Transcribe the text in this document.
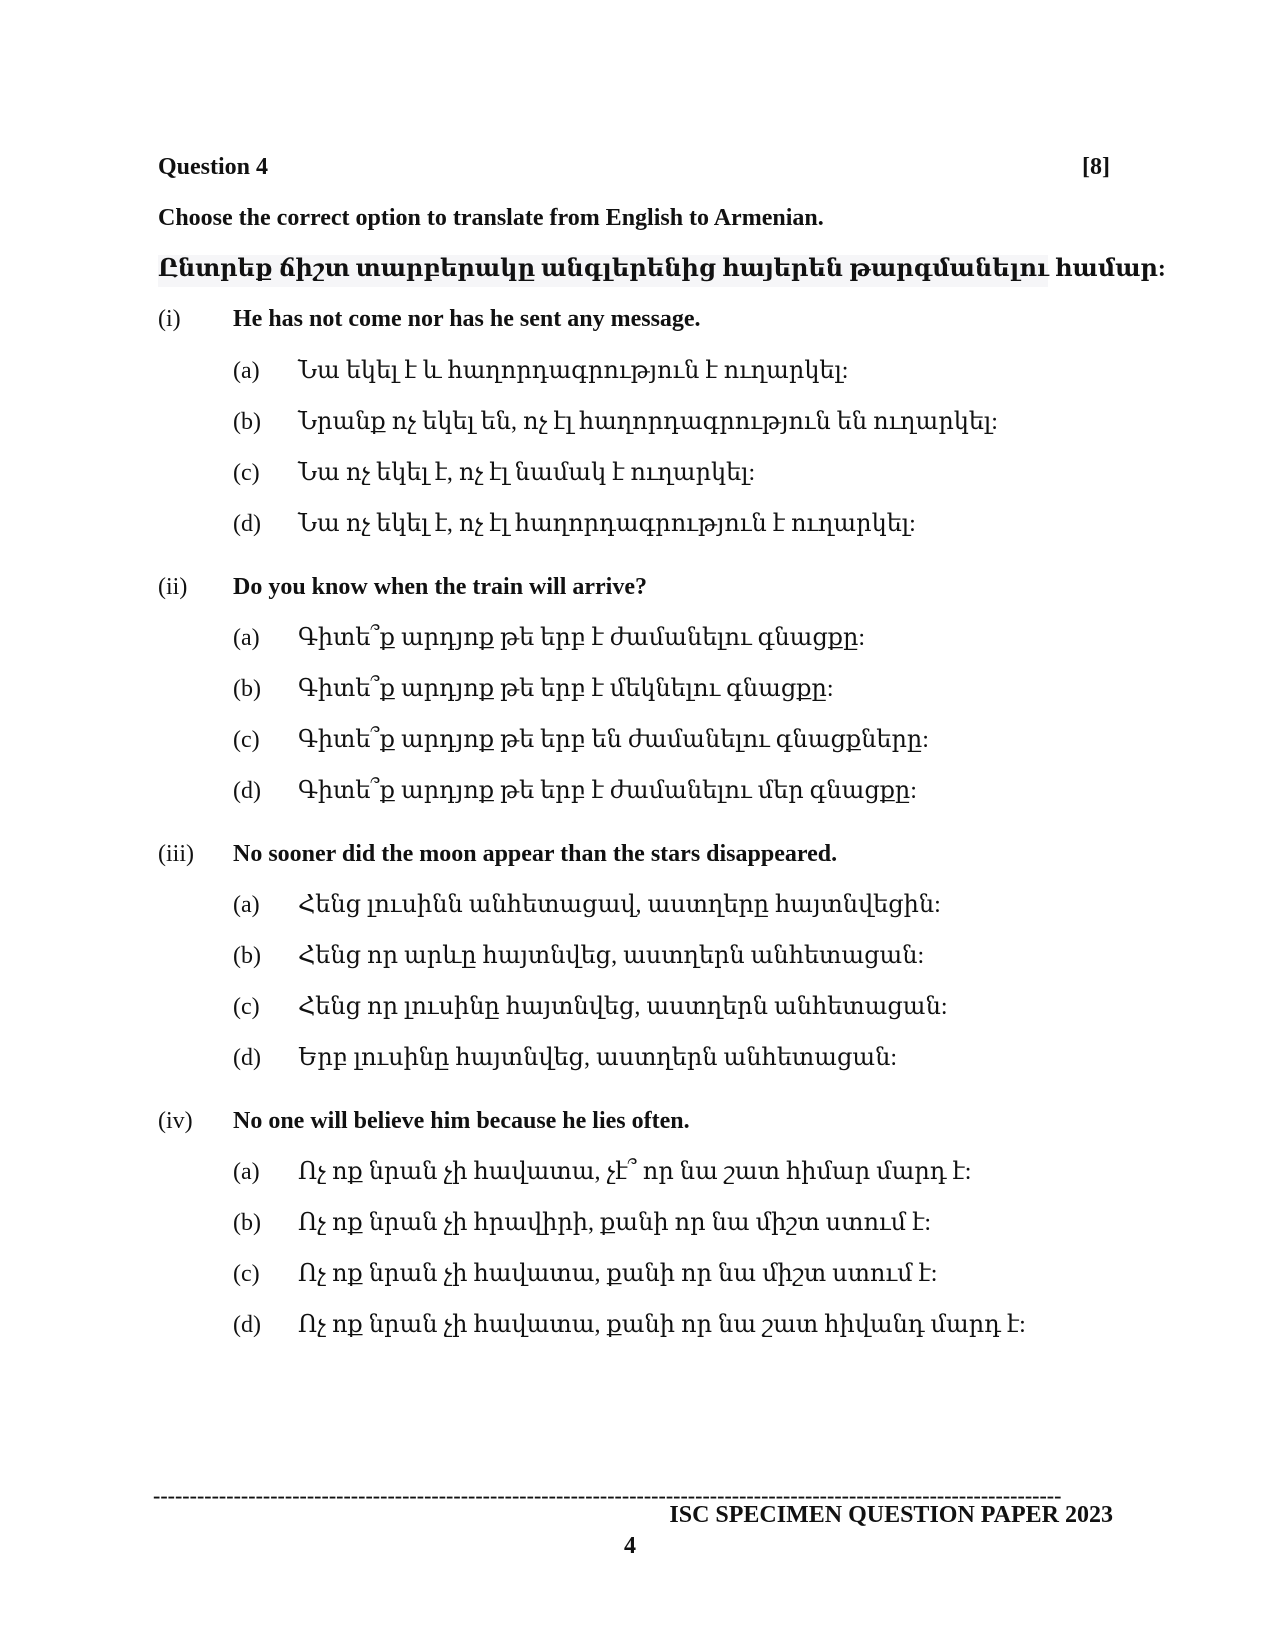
Question 4	[8]
Choose the correct option to translate from English to Armenian.
Ընտրեք ճիշտ տարբերակը անգլերենից հայերեն թարգմանելու համար:
(i) He has not come nor has he sent any message.
(a) Նա եկել է և հաղորդագրություն է ուղարկել:
(b) Նրանք ոչ եկել են, ոչ էլ հաղորդագրություն են ուղարկել:
(c) Նա ոչ եկել է, ոչ էլ նամակ է ուղարկել:
(d) Նա ոչ եկել է, ոչ էլ հաղորդագրություն է ուղարկել:
(ii) Do you know when the train will arrive?
(a) Գիտե՞ք արդյոք թե երբ է ժամանելու գնացքը:
(b) Գիտե՞ք արդյոք թե երբ է մեկնելու գնացքը:
(c) Գիտե՞ք արդյոք թե երբ են ժամանելու գնացքները:
(d) Գիտե՞ք արդյոք թե երբ է ժամանելու մեր գնացքը:
(iii) No sooner did the moon appear than the stars disappeared.
(a) Հենց լուսինն անհետացավ, աստղերը հայտնվեցին:
(b) Հենց որ արևը հայտնվեց, աստղերն անհետացան:
(c) Հենց որ լուսինը հայտնվեց, աստղերն անհետացան:
(d) Երբ լուսինը հայտնվեց, աստղերն անհետացան:
(iv) No one will believe him because he lies often.
(a) Ոչ ոք նրան չի հավատա, չէ՞ որ նա շատ հիմար մարդ է:
(b) Ոչ ոք նրան չի հրավիրի, քանի որ նա միշտ ստում է:
(c) Ոչ ոք նրան չի հավատա, քանի որ նա միշտ ստում է:
(d) Ոչ ոք նրան չի հավատա, քանի որ նա շատ հիվանդ մարդ է:
----------------------------------------------------------------------------------------------------------------------------
ISC SPECIMEN QUESTION PAPER 2023
4
